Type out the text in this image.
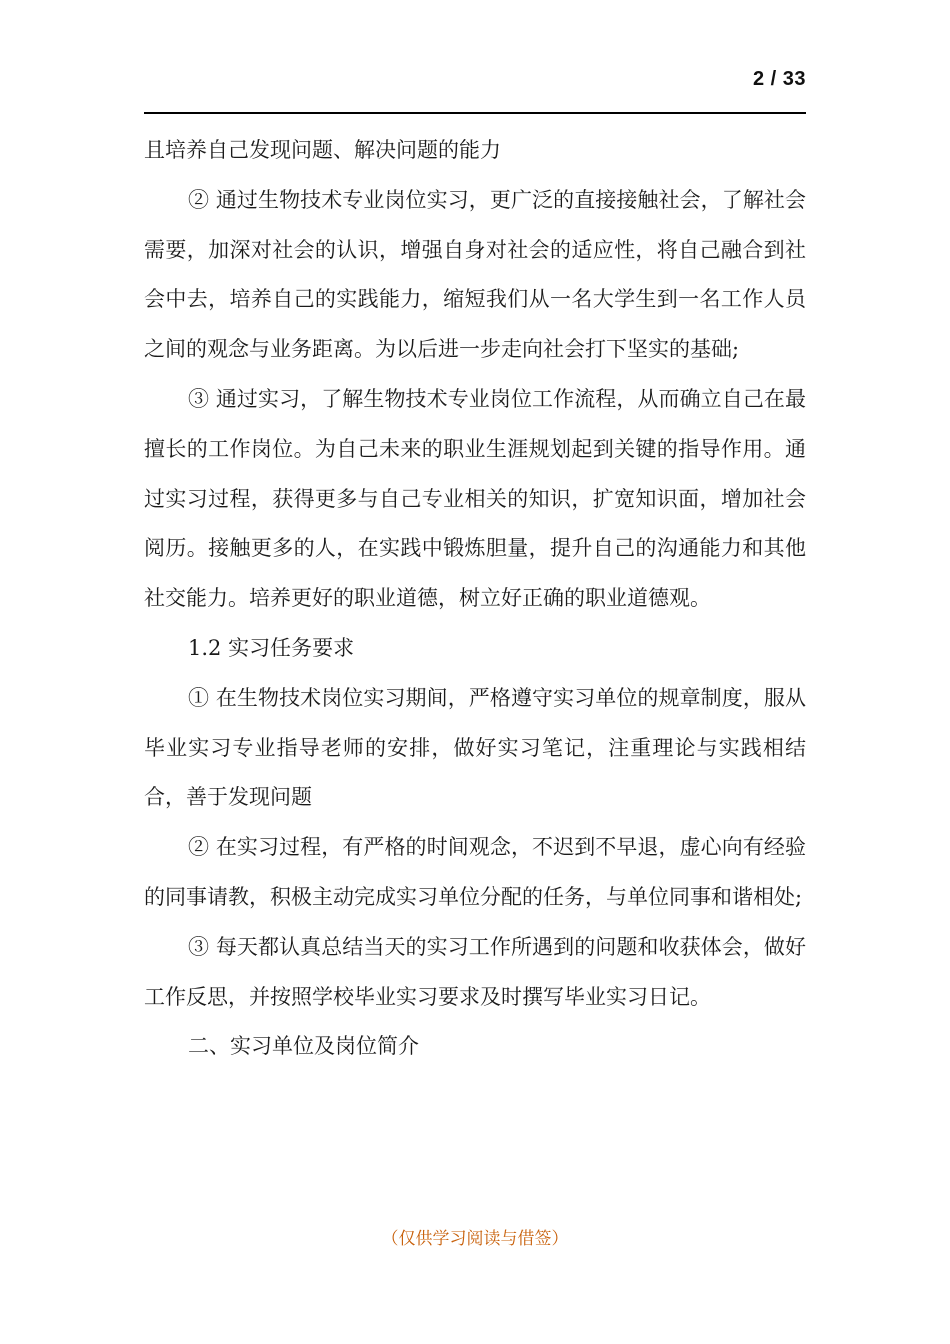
2 / 33

且培养自己发现问题、解决问题的能力

② 通过生物技术专业岗位实习，更广泛的直接接触社会，了解社会需要，加深对社会的认识，增强自身对社会的适应性，将自己融合到社会中去，培养自己的实践能力，缩短我们从一名大学生到一名工作人员之间的观念与业务距离。为以后进一步走向社会打下坚实的基础;

③ 通过实习，了解生物技术专业岗位工作流程，从而确立自己在最擅长的工作岗位。为自己未来的职业生涯规划起到关键的指导作用。通过实习过程，获得更多与自己专业相关的知识，扩宽知识面，增加社会阅历。接触更多的人，在实践中锻炼胆量，提升自己的沟通能力和其他社交能力。培养更好的职业道德，树立好正确的职业道德观。

1.2 实习任务要求

① 在生物技术岗位实习期间，严格遵守实习单位的规章制度，服从毕业实习专业指导老师的安排，做好实习笔记，注重理论与实践相结合，善于发现问题

② 在实习过程，有严格的时间观念，不迟到不早退，虚心向有经验的同事请教，积极主动完成实习单位分配的任务，与单位同事和谐相处;

③ 每天都认真总结当天的实习工作所遇到的问题和收获体会，做好工作反思，并按照学校毕业实习要求及时撰写毕业实习日记。

二、实习单位及岗位简介

（仅供学习阅读与借签）
